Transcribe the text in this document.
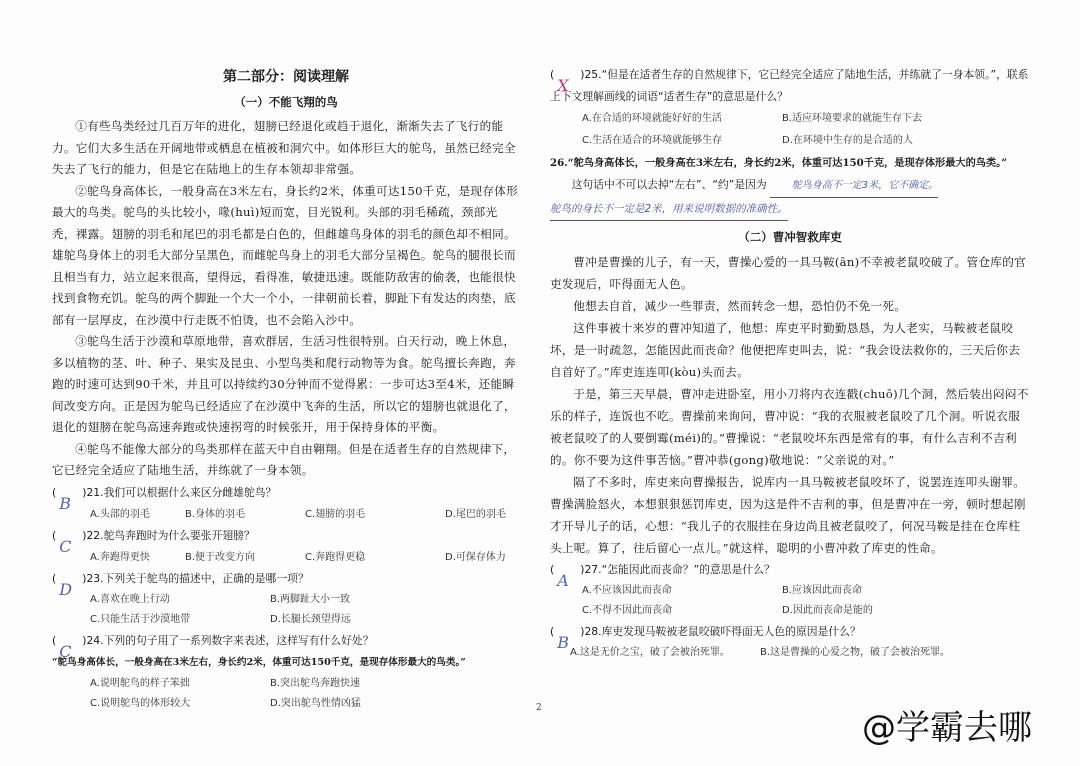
第二部分：阅读理解
（一）不能飞翔的鸟

①有些鸟类经过几百万年的进化，翅膀已经退化或趋于退化，渐渐失去了飞行的能力。它们大多生活在开阔地带或栖息在植被和洞穴中。如体形巨大的鸵鸟，虽然已经完全失去了飞行的能力，但是它在陆地上的生存本领却非常强。

②鸵鸟身高体长，一般身高在3米左右，身长约2米，体重可达150千克，是现存体形最大的鸟类。鸵鸟的头比较小，喙(huì)短而宽，目光锐利。头部的羽毛稀疏，颈部光秃，裸露。翅膀的羽毛和尾巴的羽毛都是白色的，但雌雄鸟身体的羽毛的颜色却不相同。雄鸵鸟身体上的羽毛大部分呈黑色，而雌鸵鸟身上的羽毛大部分呈褐色。鸵鸟的腿很长而且相当有力，站立起来很高，望得远，看得准，敏捷迅速。既能防敌害的偷袭，也能很快找到食物充饥。鸵鸟的两个脚趾一个大一个小，一律朝前长着，脚趾下有发达的肉垫，底部有一层厚皮，在沙漠中行走既不怕烫，也不会陷入沙中。

③鸵鸟生活于沙漠和草原地带，喜欢群居，生活习性很特别。白天行动，晚上休息，多以植物的茎、叶、种子、果实及昆虫、小型鸟类和爬行动物等为食。鸵鸟擅长奔跑，奔跑的时速可达到90千米，并且可以持续约30分钟而不觉得累：一步可达3至4米，还能瞬间改变方向。正是因为鸵鸟已经适应了在沙漠中飞奔的生活，所以它的翅膀也就退化了，退化的翅膀在鸵鸟高速奔跑或快速拐弯的时候张开，用于保持身体的平衡。

④鸵鸟不能像大部分的鸟类那样在蓝天中自由翱翔。但是在适者生存的自然规律下，它已经完全适应了陆地生活，并练就了一身本领。

(
B
)21.我们可以根据什么来区分雌雄鸵鸟？

A.头部的羽毛	B.身体的羽毛	C.翅膀的羽毛	D.尾巴的羽毛

(
C
)22.鸵鸟奔跑时为什么要张开翅膀？

A.奔跑得更快	B.便于改变方向	C.奔跑得更稳	D.可保存体力

(
D
)23.下列关于鸵鸟的描述中，正确的是哪一项？

A.喜欢在晚上行动	B.两脚趾大小一致
C.只能生活于沙漠地带	D.长腿长颈望得远

(
C
)24.下列的句子用了一系列数字来表述，这样写有什么好处？

“鸵鸟身高体长，一般身高在3米左右，身长约2米，体重可达150千克，是现存体形最大的鸟类。”

A.说明鸵鸟的样子笨拙	B.突出鸵鸟奔跑快速
C.说明鸵鸟的体形较大	D.突出鸵鸟性情凶猛

(
X
)25.“但是在适者生存的自然规律下，它已经完全适应了陆地生活，并练就了一身本领。”，联系上下文理解画线的词语“适者生存”的意思是什么？

A.在合适的环境就能好好的生活	B.适应环境要求的就能生存下去
C.生活在适合的环境就能够生存	D.在环境中生存的是合适的人

26.“鸵鸟身高体长，一般身高在3米左右，身长约2米，体重可达150千克，是现存体形最大的鸟类。”

这句话中不可以去掉“左右”、“约”是因为	鸵鸟身高不一定3米，它不确定。

鸵鸟的身长不一定是2米，用来说明数据的准确性。

（二）曹冲智救库吏

曹冲是曹操的儿子，有一天，曹操心爱的一具马鞍(ān)不幸被老鼠咬破了。管仓库的官吏发现后，吓得面无人色。

他想去自首，减少一些罪责，然而转念一想，恐怕仍不免一死。

这件事被十来岁的曹冲知道了，他想：库吏平时勤勤恳恳，为人老实，马鞍被老鼠咬坏，是一时疏忽，怎能因此而丧命？他便把库吏叫去，说：“我会设法救你的，三天后你去自首好了。”库吏连连叩(kòu)头而去。

于是，第三天早晨，曹冲走进卧室，用小刀将内衣连戳(chuō)几个洞，然后装出闷闷不乐的样子，连饭也不吃。曹操前来询问，曹冲说：“我的衣服被老鼠咬了几个洞。听说衣服被老鼠咬了的人要倒霉(méi)的。”曹操说：“老鼠咬坏东西是常有的事，有什么吉利不吉利的。你不要为这件事苦恼。”曹冲恭(gong)敬地说：“父亲说的对。”

隔了不多时，库吏来向曹操报告，说库内一具马鞍被老鼠咬坏了，说罢连连叩头谢罪。曹操满脸怒火，本想狠狠惩罚库吏，因为这是件不吉利的事，但是曹冲在一旁，顿时想起刚才开导儿子的话，心想：“我儿子的衣服挂在身边尚且被老鼠咬了，何况马鞍是挂在仓库柱头上呢。算了，往后留心一点儿。”就这样，聪明的小曹冲救了库吏的性命。

(
A
)27.“怎能因此而丧命？”的意思是什么？

A.不应该因此而丧命	B.应该因此而丧命
C.不得不因此而丧命	D.因此而丧命是能的

(
B
)28.库吏发现马鞍被老鼠咬破吓得面无人色的原因是什么？

A.这是无价之宝，破了会被治死罪。	B.这是曹操的心爱之物，破了会被治死罪。
2	@学霸去哪
